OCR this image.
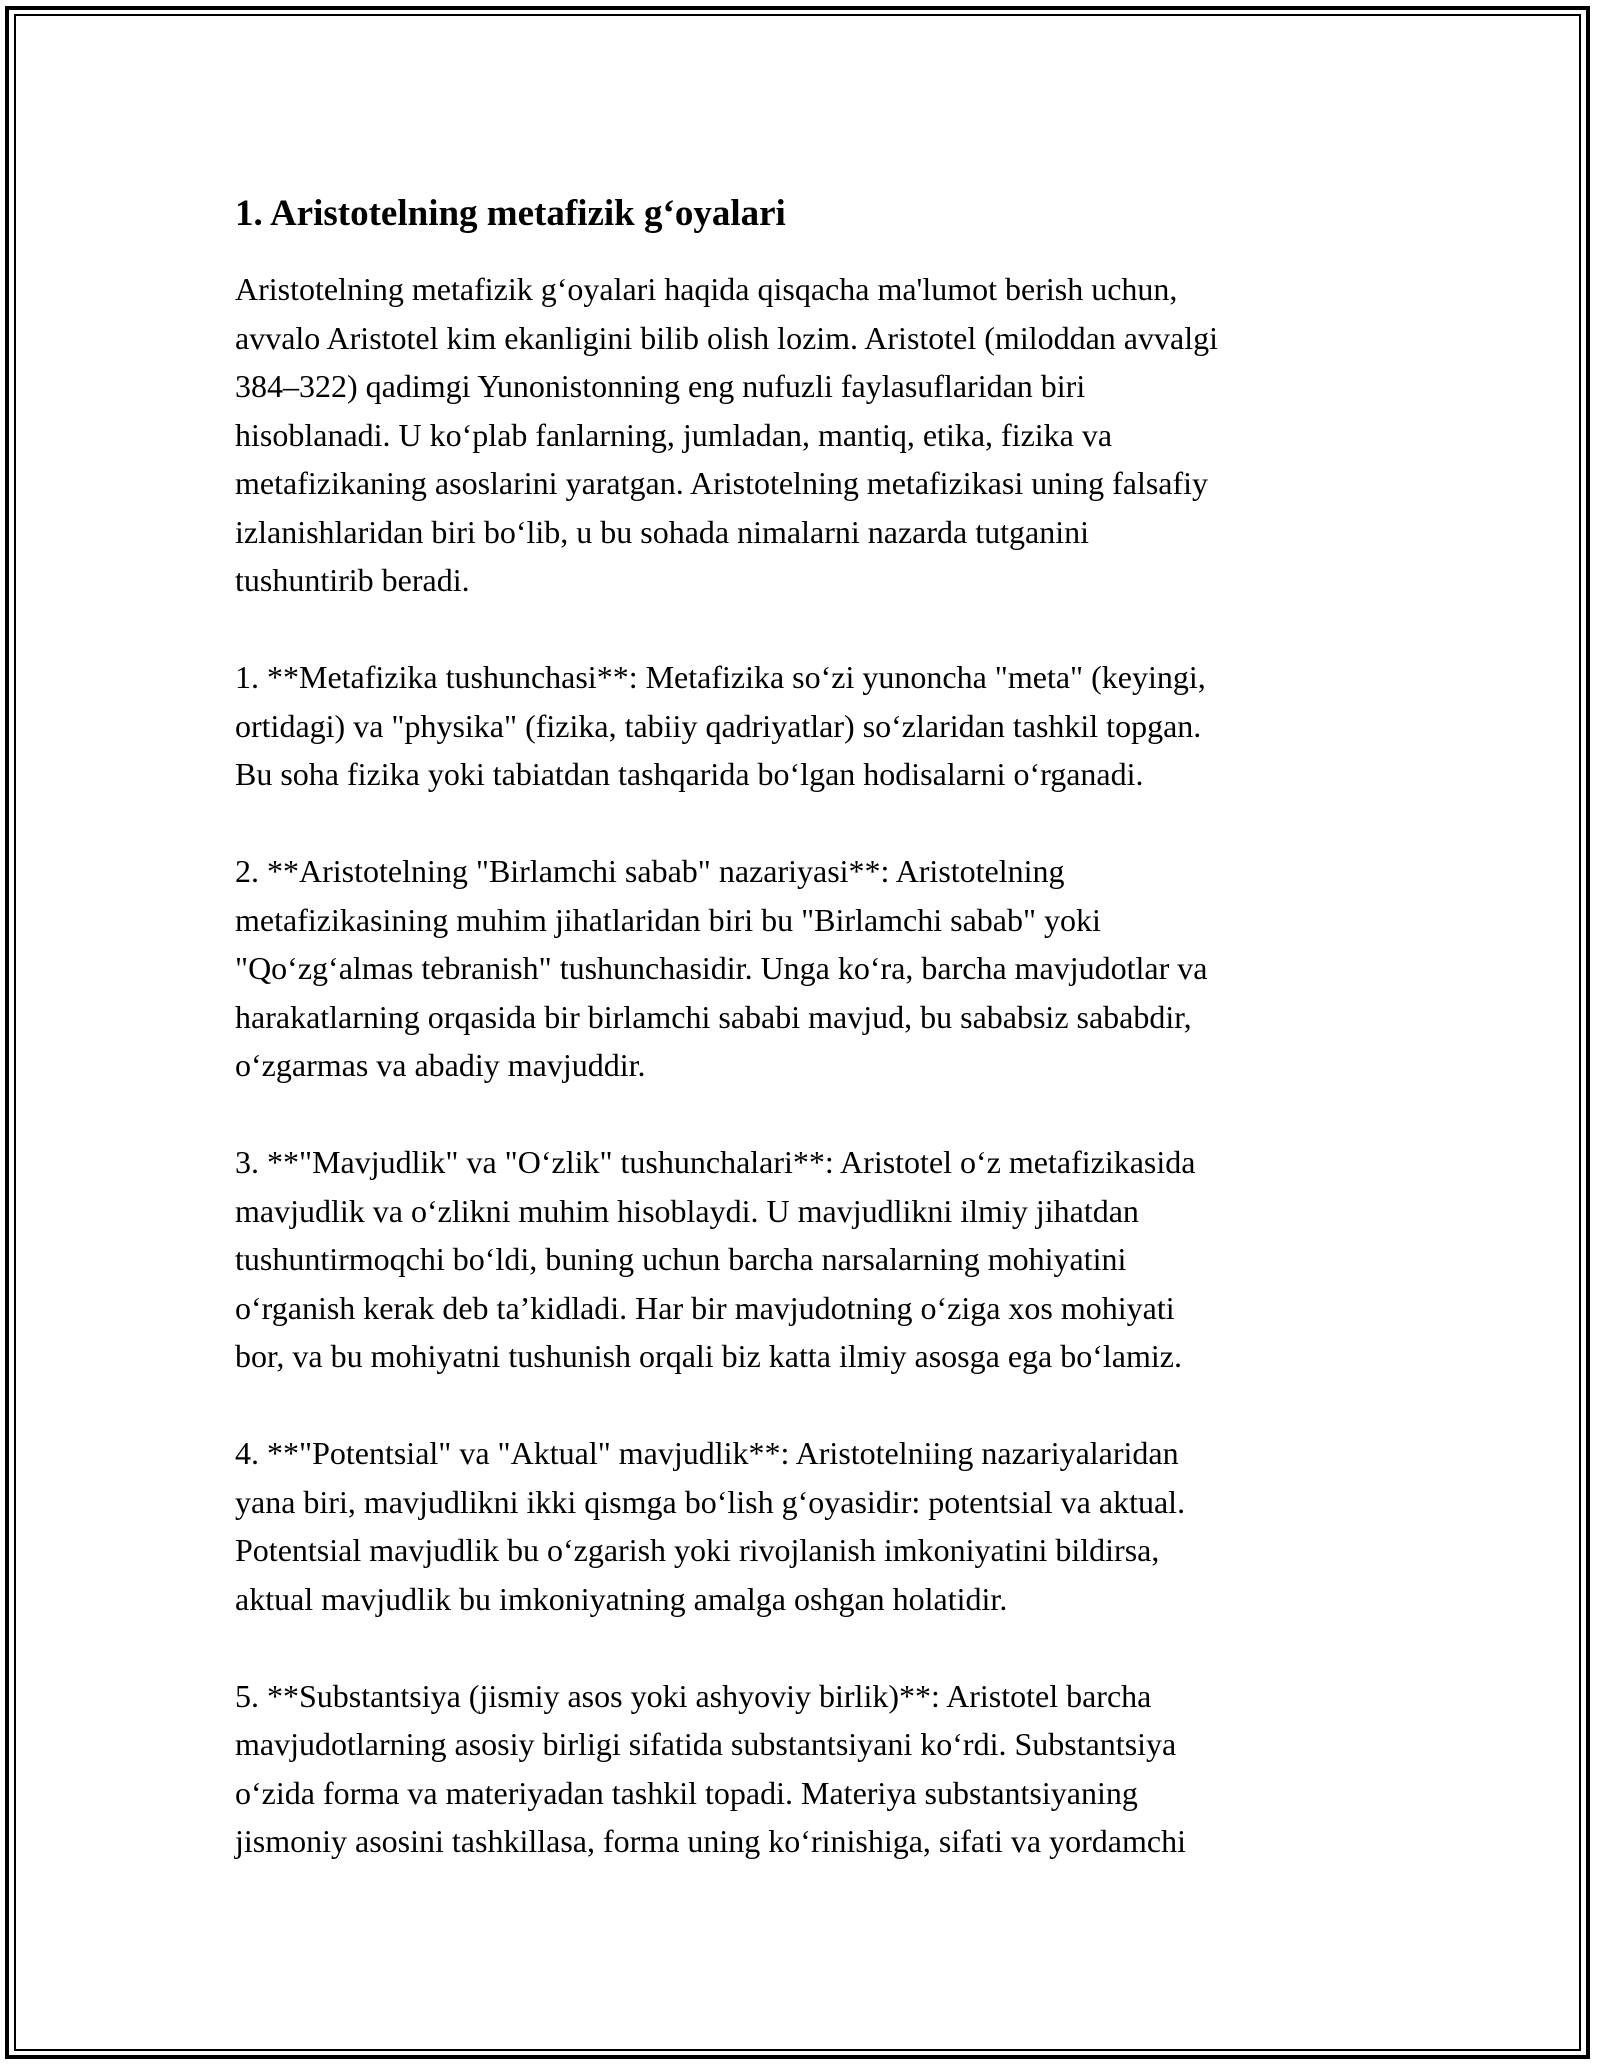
1. Aristotelning metafizik g‘oyalari

Aristotelning metafizik g‘oyalari haqida qisqacha ma'lumot berish uchun,
avvalo Aristotel kim ekanligini bilib olish lozim. Aristotel (miloddan avvalgi
384–322) qadimgi Yunonistonning eng nufuzli faylasuflaridan biri
hisoblanadi. U ko‘plab fanlarning, jumladan, mantiq, etika, fizika va
metafizikaning asoslarini yaratgan. Aristotelning metafizikasi uning falsafiy
izlanishlaridan biri bo‘lib, u bu sohada nimalarni nazarda tutganini
tushuntirib beradi.

1. **Metafizika tushunchasi**: Metafizika so‘zi yunoncha "meta" (keyingi,
ortidagi) va "physika" (fizika, tabiiy qadriyatlar) so‘zlaridan tashkil topgan.
Bu soha fizika yoki tabiatdan tashqarida bo‘lgan hodisalarni o‘rganadi.

2. **Aristotelning "Birlamchi sabab" nazariyasi**: Aristotelning
metafizikasining muhim jihatlaridan biri bu "Birlamchi sabab" yoki
"Qo‘zg‘almas tebranish" tushunchasidir. Unga ko‘ra, barcha mavjudotlar va
harakatlarning orqasida bir birlamchi sababi mavjud, bu sababsiz sababdir,
o‘zgarmas va abadiy mavjuddir.

3. **"Mavjudlik" va "O‘zlik" tushunchalari**: Aristotel o‘z metafizikasida
mavjudlik va o‘zlikni muhim hisoblaydi. U mavjudlikni ilmiy jihatdan
tushuntirmoqchi bo‘ldi, buning uchun barcha narsalarning mohiyatini
o‘rganish kerak deb ta’kidladi. Har bir mavjudotning o‘ziga xos mohiyati
bor, va bu mohiyatni tushunish orqali biz katta ilmiy asosga ega bo‘lamiz.

4. **"Potentsial" va "Aktual" mavjudlik**: Aristotelniing nazariyalaridan
yana biri, mavjudlikni ikki qismga bo‘lish g‘oyasidir: potentsial va aktual.
Potentsial mavjudlik bu o‘zgarish yoki rivojlanish imkoniyatini bildirsa,
aktual mavjudlik bu imkoniyatning amalga oshgan holatidir.

5. **Substantsiya (jismiy asos yoki ashyoviy birlik)**: Aristotel barcha
mavjudotlarning asosiy birligi sifatida substantsiyani ko‘rdi. Substantsiya
o‘zida forma va materiyadan tashkil topadi. Materiya substantsiyaning
jismoniy asosini tashkillasa, forma uning ko‘rinishiga, sifati va yordamchi
